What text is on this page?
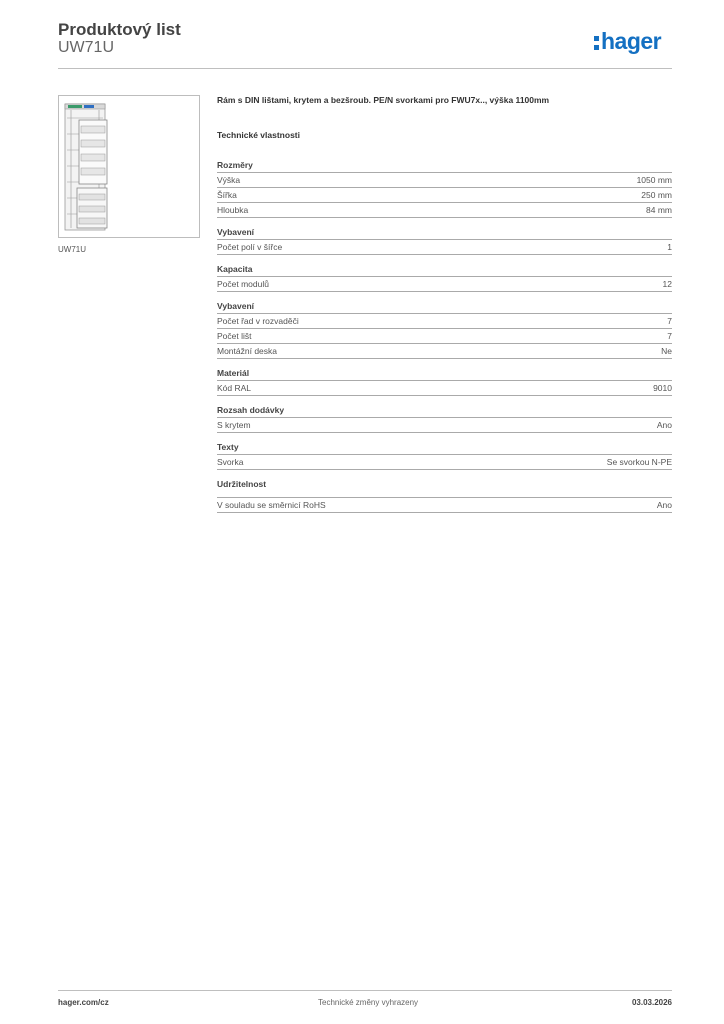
Produktový list
UW71U	hager
UW71U
Rám s DIN lištami, krytem a bezšroub. PE/N svorkami pro FWU7x.., výška 1100mm
Technické vlastnosti
Rozměry
Výška	1050 mm
Šířka	250 mm
Hloubka	84 mm
Vybavení
Počet polí v šířce	1
Kapacita
Počet modulů	12
Vybavení
Počet řad v rozvaděči	7
Počet lišt	7
Montážní deska	Ne
Materiál
Kód RAL	9010
Rozsah dodávky
S krytem	Ano
Texty
Svorka	Se svorkou N-PE
Udržitelnost
V souladu se směrnicí RoHS	Ano
hager.com/cz	Technické změny vyhrazeny	03.03.2026
